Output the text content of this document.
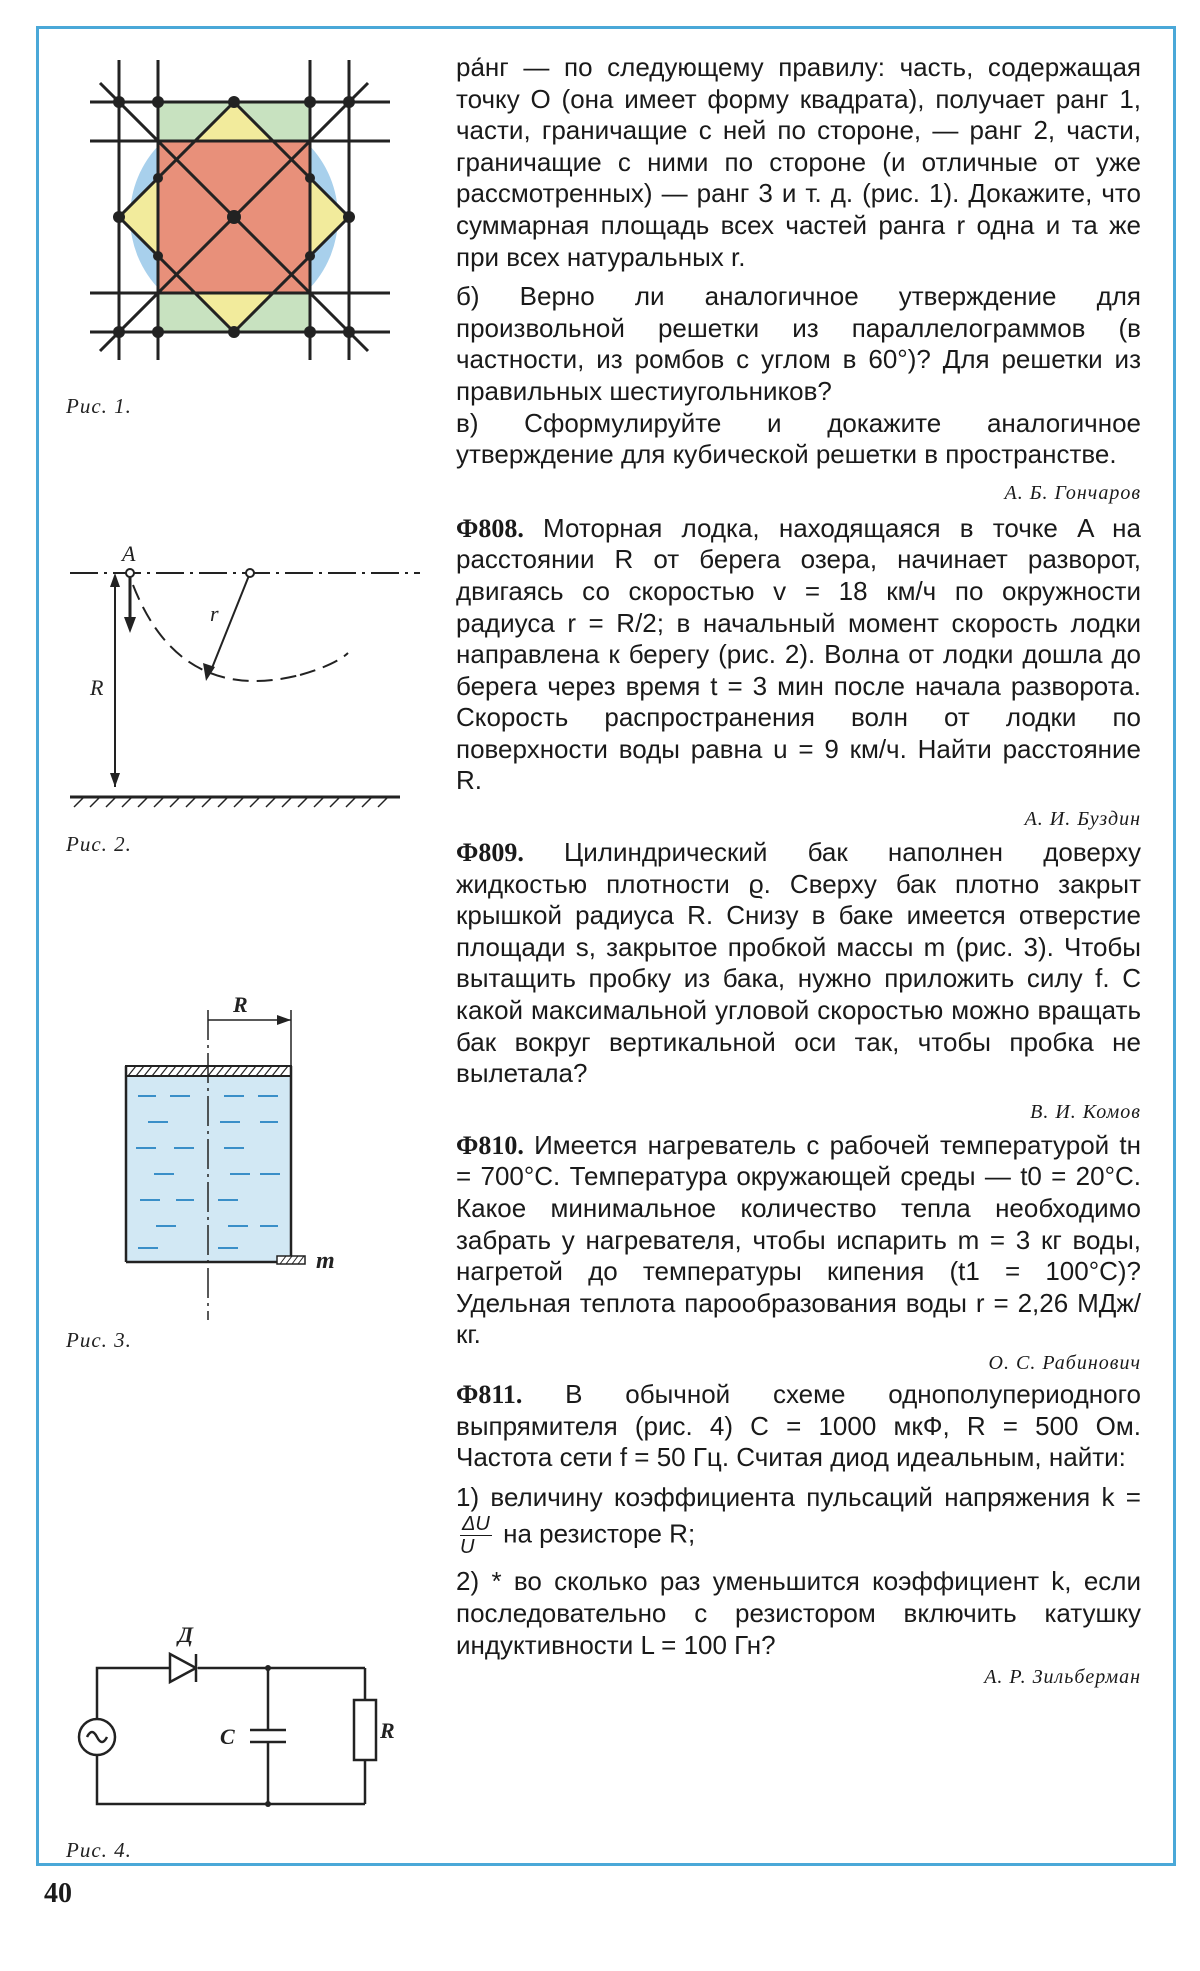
Рис. 1.
A
R
r
Рис. 2.
R
m
Рис. 3.
Д
C	R
Рис. 4.

ра́нг — по следующему правилу: часть, содержащая точку O (она имеет форму квадрата), получает ранг 1, части, граничащие с ней по стороне, — ранг 2, части, граничащие с ними по стороне (и отличные от уже рассмотренных) — ранг 3 и т. д. (рис. 1). Докажите, что суммарная площадь всех частей ранга r одна и та же при всех натуральных r.

б) Верно ли аналогичное утверждение для произвольной решетки из параллелограммов (в частности, из ромбов с углом в 60°)? Для решетки из правильных шестиугольников?

в) Сформулируйте и докажите аналогичное утверждение для кубической решетки в пространстве.

А. Б. Гончаров

Ф808. Моторная лодка, находящаяся в точке A на расстоянии R от берега озера, начинает разворот, двигаясь со скоростью v = 18 км/ч по окружности радиуса r = R/2; в начальный момент скорость лодки направлена к берегу (рис. 2). Волна от лодки дошла до берега через время t = 3 мин после начала разворота. Скорость распространения волн от лодки по поверхности воды равна u = 9 км/ч. Найти расстояние R.

А. И. Буздин

Ф809. Цилиндрический бак наполнен доверху жидкостью плотности ϱ. Сверху бак плотно закрыт крышкой радиуса R. Снизу в баке имеется отверстие площади s, закрытое пробкой массы m (рис. 3). Чтобы вытащить пробку из бака, нужно приложить силу f. С какой максимальной угловой скоростью можно вращать бак вокруг вертикальной оси так, чтобы пробка не вылетала?

В. И. Комов

Ф810. Имеется нагреватель с рабочей температурой tн = 700°С. Температура окружающей среды — t0 = 20°С. Какое минимальное количество тепла необходимо забрать у нагревателя, чтобы испарить m = 3 кг воды, нагретой до температуры кипения (t1 = 100°С)? Удельная теплота парообразования воды r = 2,26 МДж/кг.

О. С. Рабинович

Ф811. В обычной схеме однополупериодного выпрямителя (рис. 4) C = 1000 мкФ, R = 500 Ом. Частота сети f = 50 Гц. Считая диод идеальным, найти:

1) величину коэффициента пульсаций напряжения k =
$\frac{\Delta U}{U}$ на резисторе R;

2) * во сколько раз уменьшится коэффициент k, если последовательно с резистором включить катушку индуктивности L = 100 Гн?

А. Р. Зильберман
40
